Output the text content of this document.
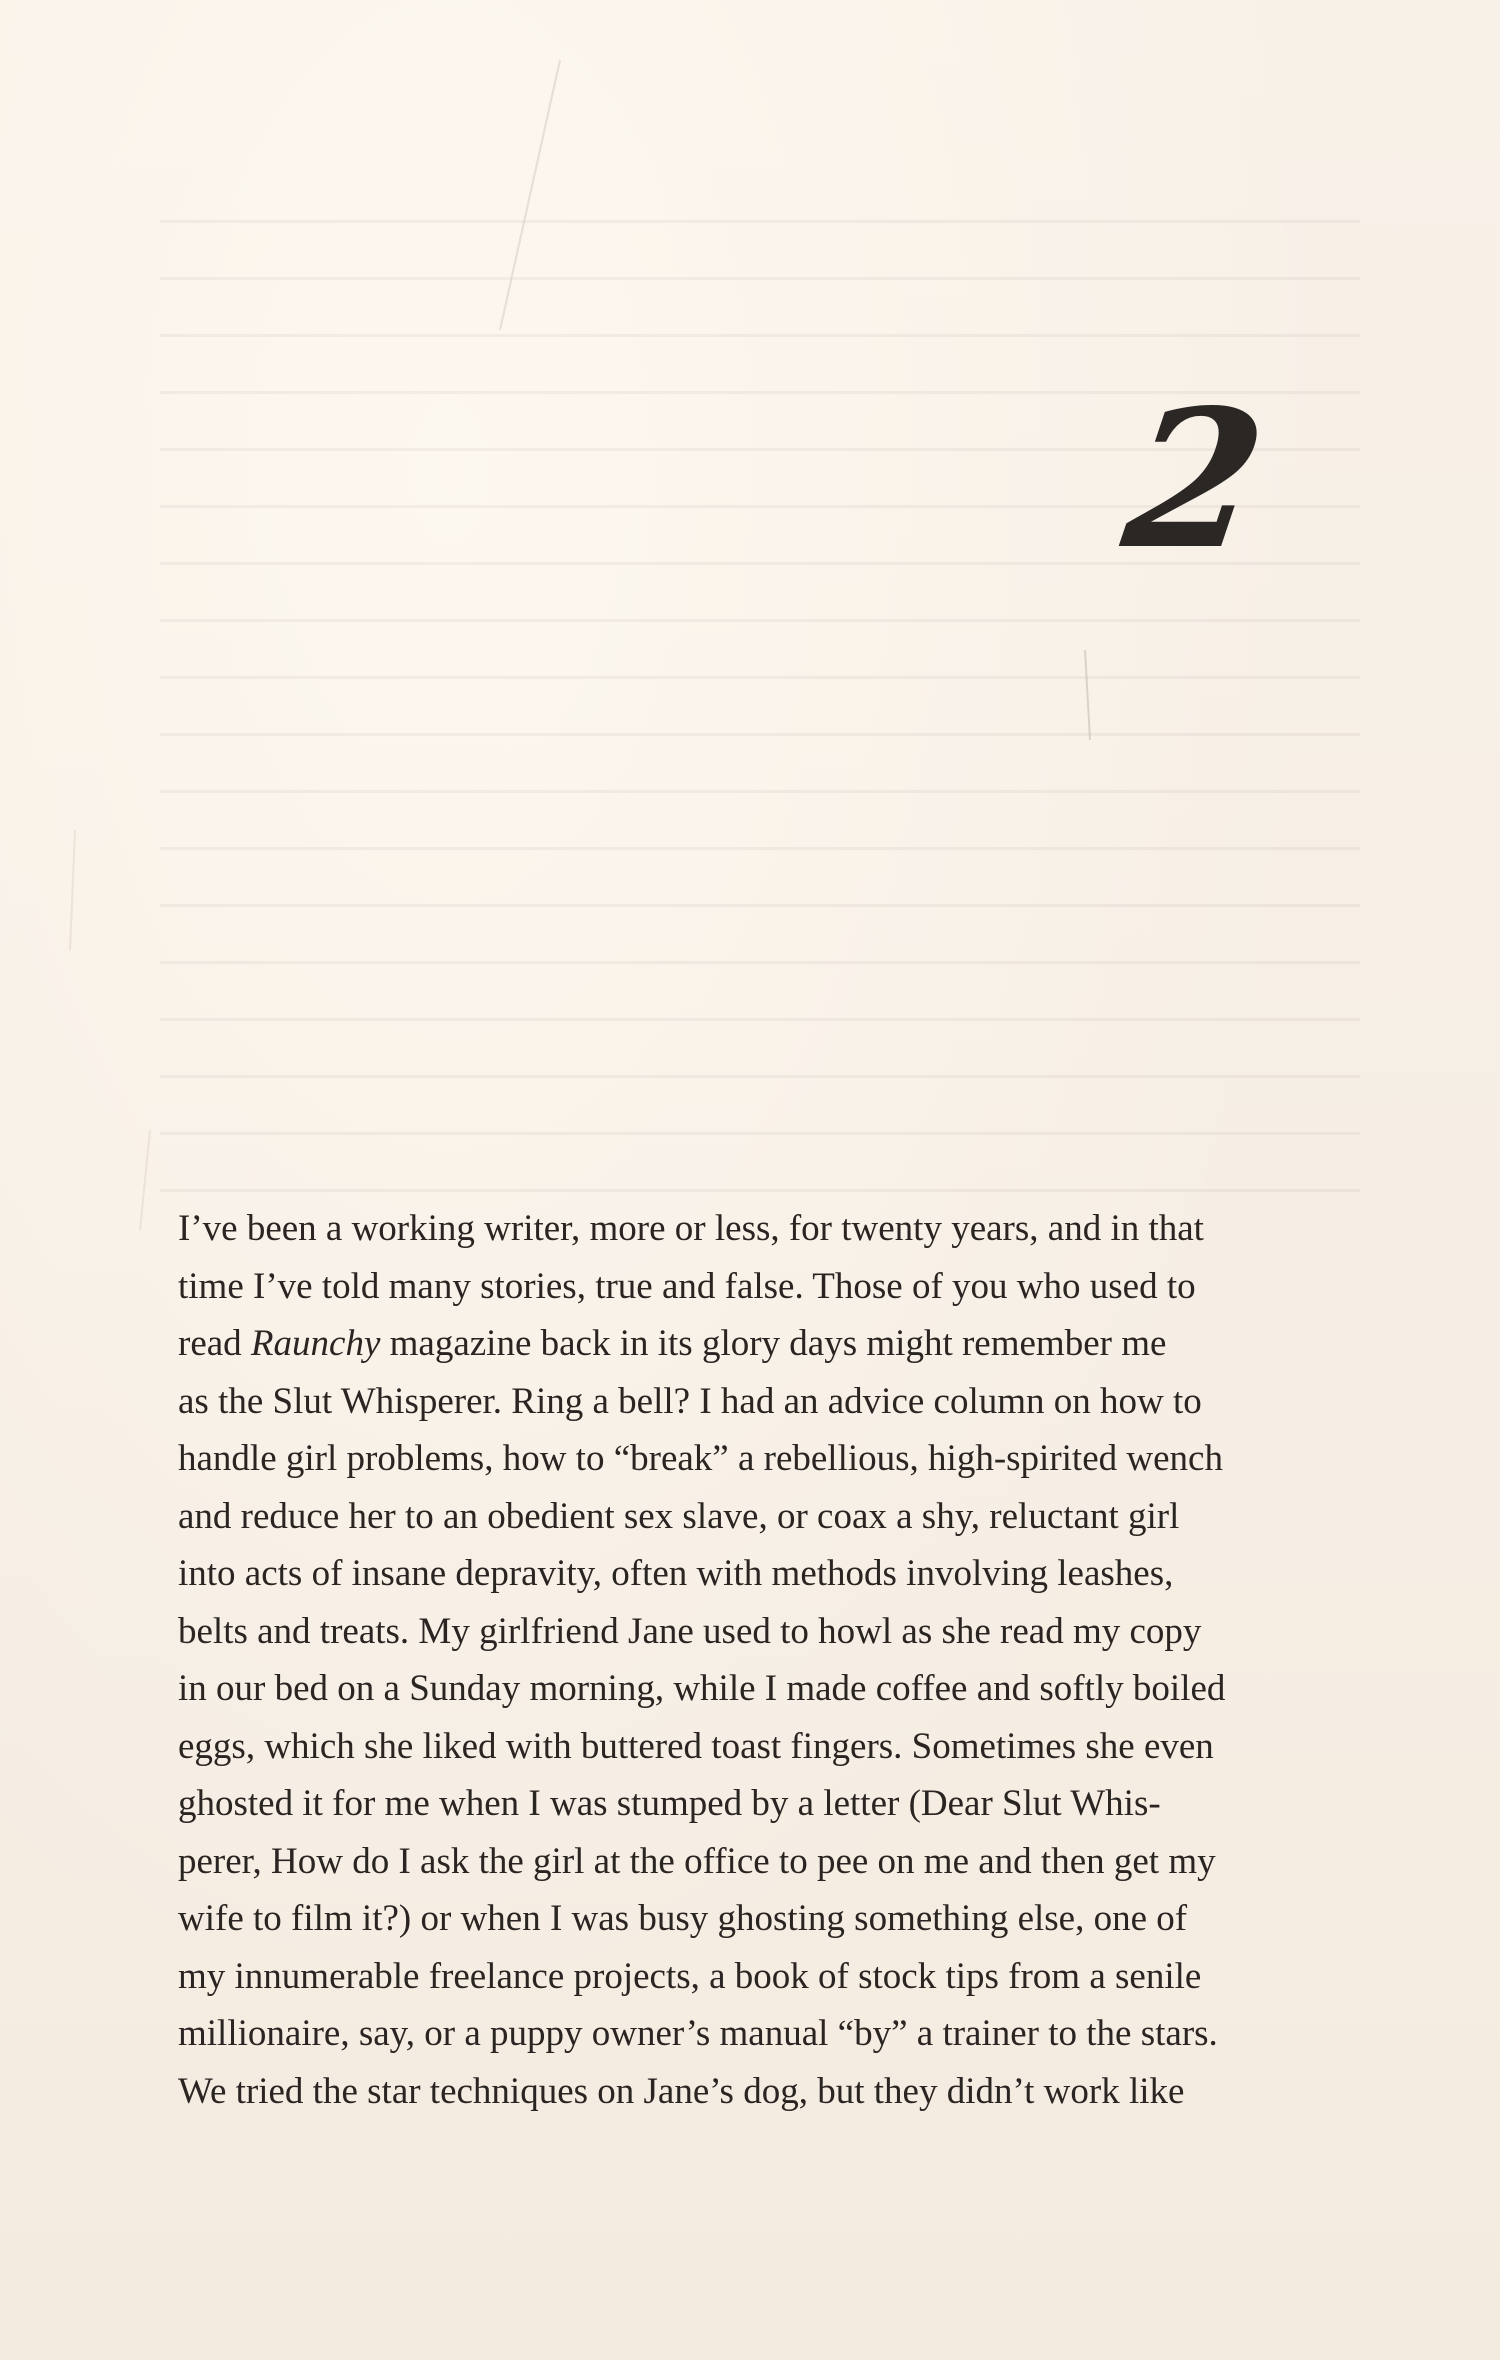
2
I’ve been a working writer, more or less, for twenty years, and in that
time I’ve told many stories, true and false. Those of you who used to
read Raunchy magazine back in its glory days might remember me
as the Slut Whisperer. Ring a bell? I had an advice column on how to
handle girl problems, how to “break” a rebellious, high-spirited wench
and reduce her to an obedient sex slave, or coax a shy, reluctant girl
into acts of insane depravity, often with methods involving leashes,
belts and treats. My girlfriend Jane used to howl as she read my copy
in our bed on a Sunday morning, while I made coffee and softly boiled
eggs, which she liked with buttered toast fingers. Sometimes she even
ghosted it for me when I was stumped by a letter (Dear Slut Whis-
perer, How do I ask the girl at the office to pee on me and then get my
wife to film it?) or when I was busy ghosting something else, one of
my innumerable freelance projects, a book of stock tips from a senile
millionaire, say, or a puppy owner’s manual “by” a trainer to the stars.
We tried the star techniques on Jane’s dog, but they didn’t work like
